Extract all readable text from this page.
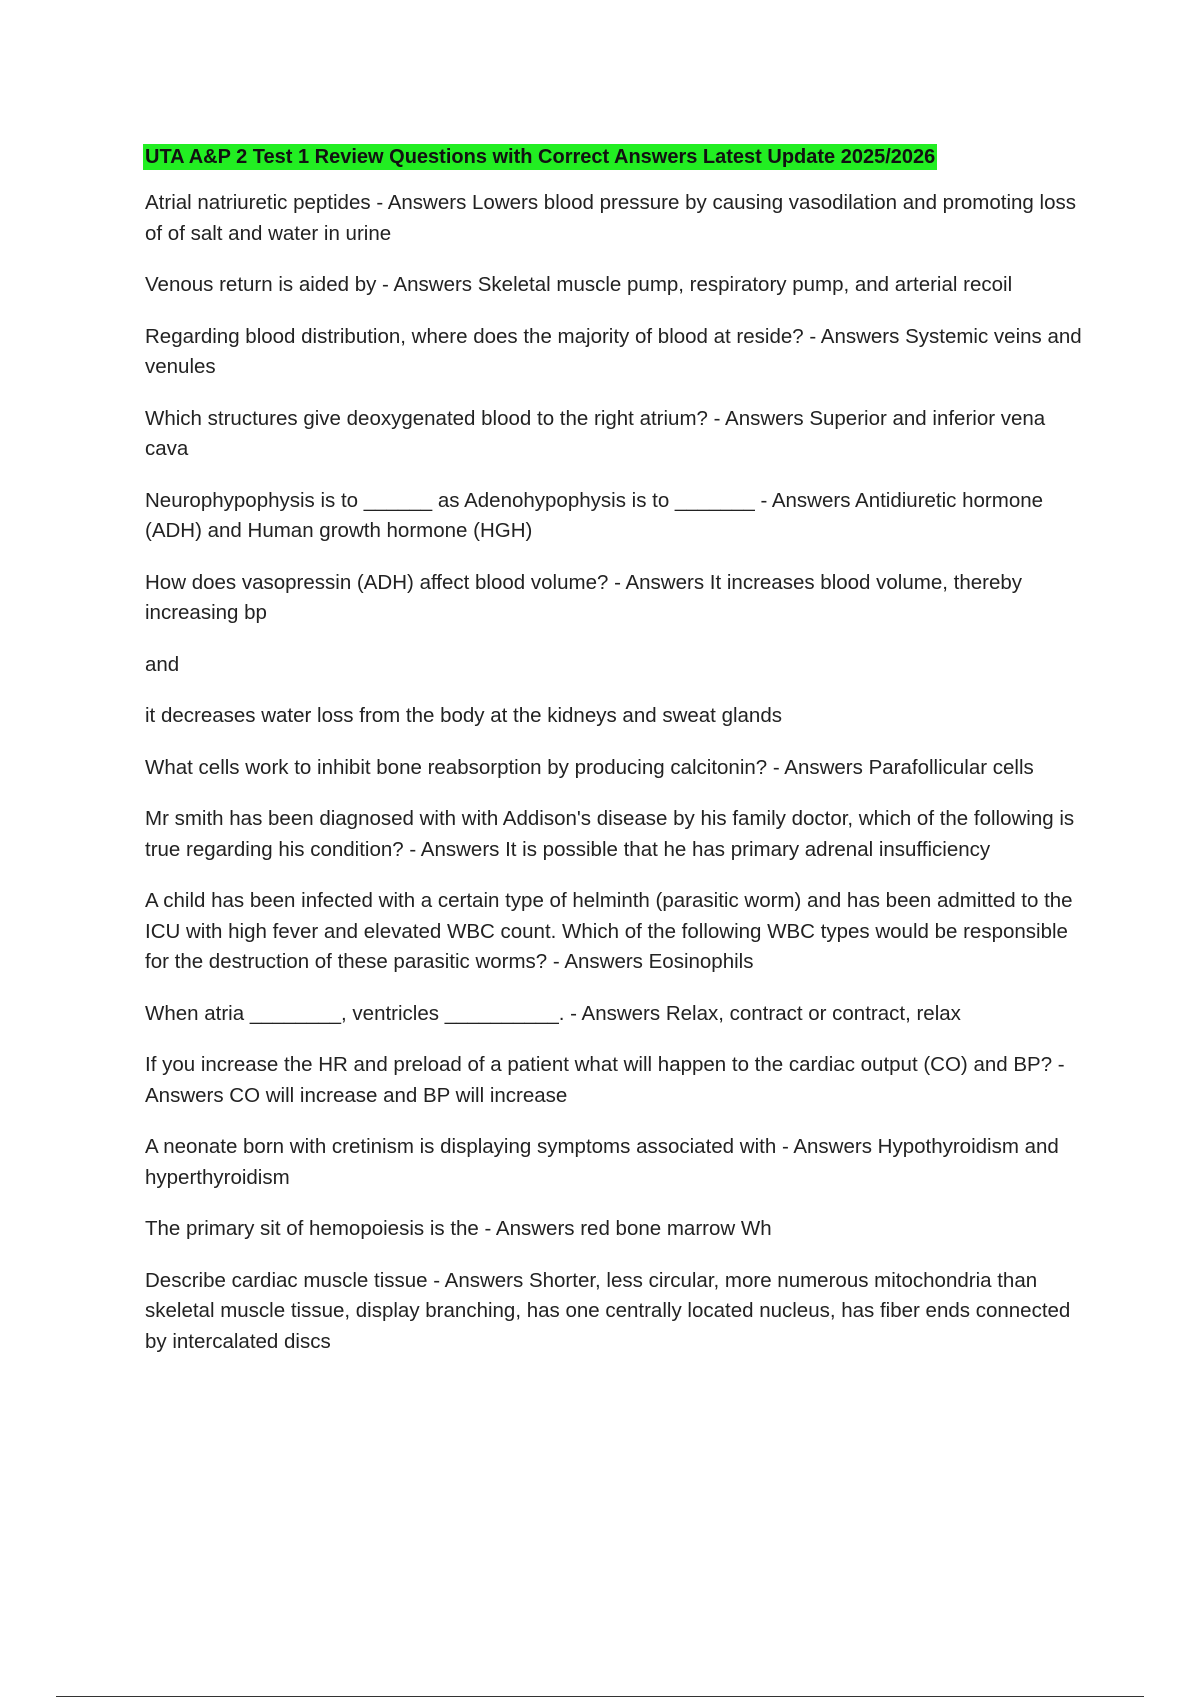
UTA A&P 2 Test 1 Review Questions with Correct Answers Latest Update 2025/2026

Atrial natriuretic peptides - Answers Lowers blood pressure by causing vasodilation and promoting loss of of salt and water in urine

Venous return is aided by - Answers Skeletal muscle pump, respiratory pump, and arterial recoil

Regarding blood distribution, where does the majority of blood at reside? - Answers Systemic veins and venules

Which structures give deoxygenated blood to the right atrium? - Answers Superior and inferior vena cava

Neurophypophysis is to ______ as Adenohypophysis is to _______ - Answers Antidiuretic hormone (ADH) and Human growth hormone (HGH)

How does vasopressin (ADH) affect blood volume? - Answers It increases blood volume, thereby increasing bp

and

it decreases water loss from the body at the kidneys and sweat glands

What cells work to inhibit bone reabsorption by producing calcitonin? - Answers Parafollicular cells

Mr smith has been diagnosed with with Addison's disease by his family doctor, which of the following is true regarding his condition? - Answers It is possible that he has primary adrenal insufficiency

A child has been infected with a certain type of helminth (parasitic worm) and has been admitted to the ICU with high fever and elevated WBC count. Which of the following WBC types would be responsible for the destruction of these parasitic worms? - Answers Eosinophils

When atria ________, ventricles __________. - Answers Relax, contract or contract, relax

If you increase the HR and preload of a patient what will happen to the cardiac output (CO) and BP? - Answers CO will increase and BP will increase

A neonate born with cretinism is displaying symptoms associated with - Answers Hypothyroidism and hyperthyroidism

The primary sit of hemopoiesis is the - Answers red bone marrow Wh

Describe cardiac muscle tissue - Answers Shorter, less circular, more numerous mitochondria than skeletal muscle tissue, display branching, has one centrally located nucleus, has fiber ends connected by intercalated discs
